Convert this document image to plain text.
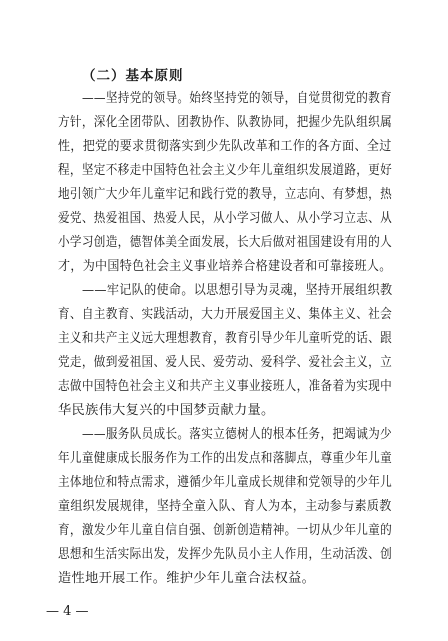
（二）基本原则
——坚持党的领导。始终坚持党的领导，自觉贯彻党的教育
方针，深化全团带队、团教协作、队教协同，把握少先队组织属
性，把党的要求贯彻落实到少先队改革和工作的各方面、全过
程，坚定不移走中国特色社会主义少年儿童组织发展道路，更好
地引领广大少年儿童牢记和践行党的教导，立志向、有梦想，热
爱党、热爱祖国、热爱人民，从小学习做人、从小学习立志、从
小学习创造，德智体美全面发展，长大后做对祖国建设有用的人
才，为中国特色社会主义事业培养合格建设者和可靠接班人。
——牢记队的使命。以思想引导为灵魂，坚持开展组织教
育、自主教育、实践活动，大力开展爱国主义、集体主义、社会
主义和共产主义远大理想教育，教育引导少年儿童听党的话、跟
党走，做到爱祖国、爱人民、爱劳动、爱科学、爱社会主义，立
志做中国特色社会主义和共产主义事业接班人，准备着为实现中
华民族伟大复兴的中国梦贡献力量。
——服务队员成长。落实立德树人的根本任务，把竭诚为少
年儿童健康成长服务作为工作的出发点和落脚点，尊重少年儿童
主体地位和特点需求，遵循少年儿童成长规律和党领导的少年儿
童组织发展规律，坚持全童入队、育人为本，主动参与素质教
育，激发少年儿童自信自强、创新创造精神。一切从少年儿童的
思想和生活实际出发，发挥少先队员小主人作用，生动活泼、创
造性地开展工作。维护少年儿童合法权益。
— 4 —
